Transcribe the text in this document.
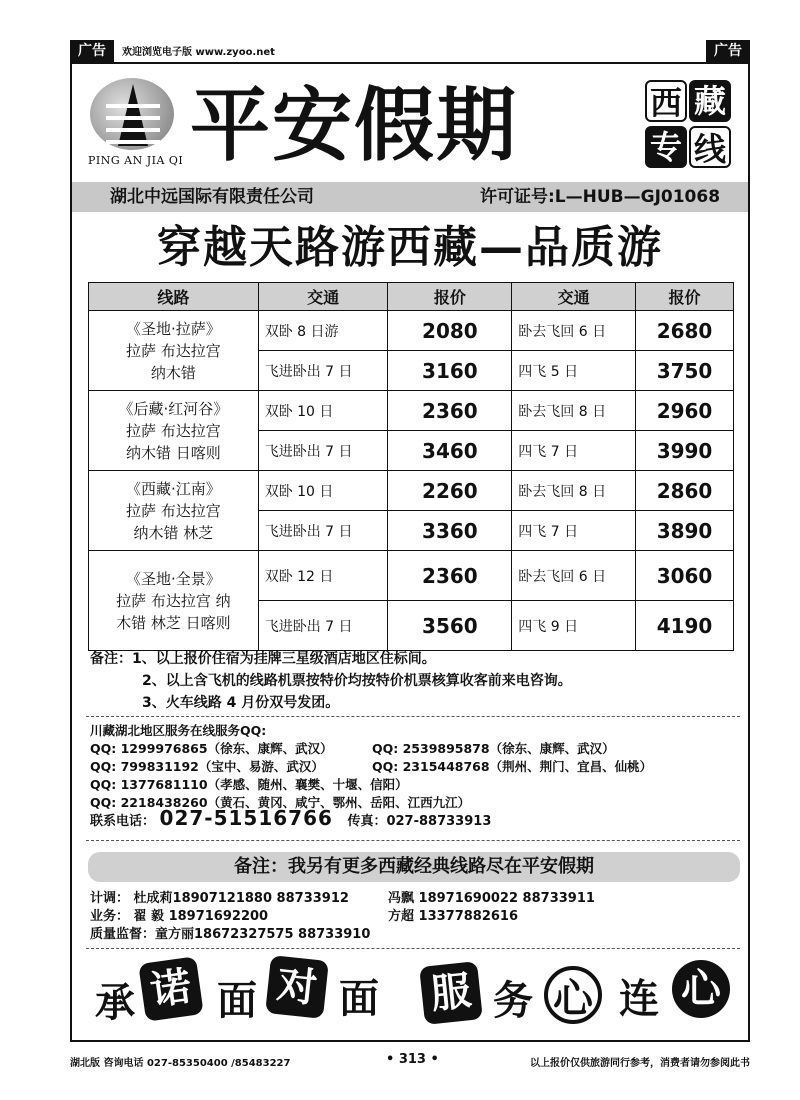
广告	欢迎浏览电子版 www.zyoo.net	广告
PING AN JIA QI 平安假期	西 藏
专 线
湖北中远国际有限责任公司	许可证号:L—HUB—GJ01068
穿越天路游西藏—品质游
线路	交通	报价	交通	报价

《圣地·拉萨》
拉萨 布达拉宫
纳木错	双卧 8 日游	2080	卧去飞回 6 日	2680
	飞进卧出 7 日	3160	四飞 5 日	3750

《后藏·红河谷》
拉萨 布达拉宫
纳木错 日喀则	双卧 10 日	2360	卧去飞回 8 日	2960
	飞进卧出 7 日	3460	四飞 7 日	3990

《西藏·江南》
拉萨 布达拉宫
纳木错 林芝	双卧 10 日	2260	卧去飞回 8 日	2860
	飞进卧出 7 日	3360	四飞 7 日	3890

《圣地·全景》
拉萨 布达拉宫 纳
木错 林芝 日喀则	双卧 12 日	2360	卧去飞回 6 日	3060
	飞进卧出 7 日	3560	四飞 9 日	4190
备注：1、以上报价住宿为挂牌三星级酒店地区住标间。
2、以上含飞机的线路机票按特价均按特价机票核算收客前来电咨询。
3、火车线路 4 月份双号发团。
川藏湖北地区服务在线服务QQ:
QQ: 1299976865（徐东、康辉、武汉）	QQ: 2539895878（徐东、康辉、武汉）
QQ: 799831192（宝中、易游、武汉）	QQ: 2315448768（荆州、荆门、宜昌、仙桃）
QQ: 1377681110（孝感、随州、襄樊、十堰、信阳）
QQ: 2218438260（黄石、黄冈、咸宁、鄂州、岳阳、江西九江）
联系电话： 027-51516766 传真：027-88733913
备注：我另有更多西藏经典线路尽在平安假期
计调： 杜成莉18907121880 88733912	冯飘 18971690022 88733911
业务： 翟 毅 18971692200	方超 13377882616
质量监督：童方丽18672327575 88733910
承 诺 面 对 面 服 务 心 连 心
湖北版 咨询电话 027-85350400 /85483227	• 313 •	以上报价仅供旅游同行参考，消费者请勿参阅此书
